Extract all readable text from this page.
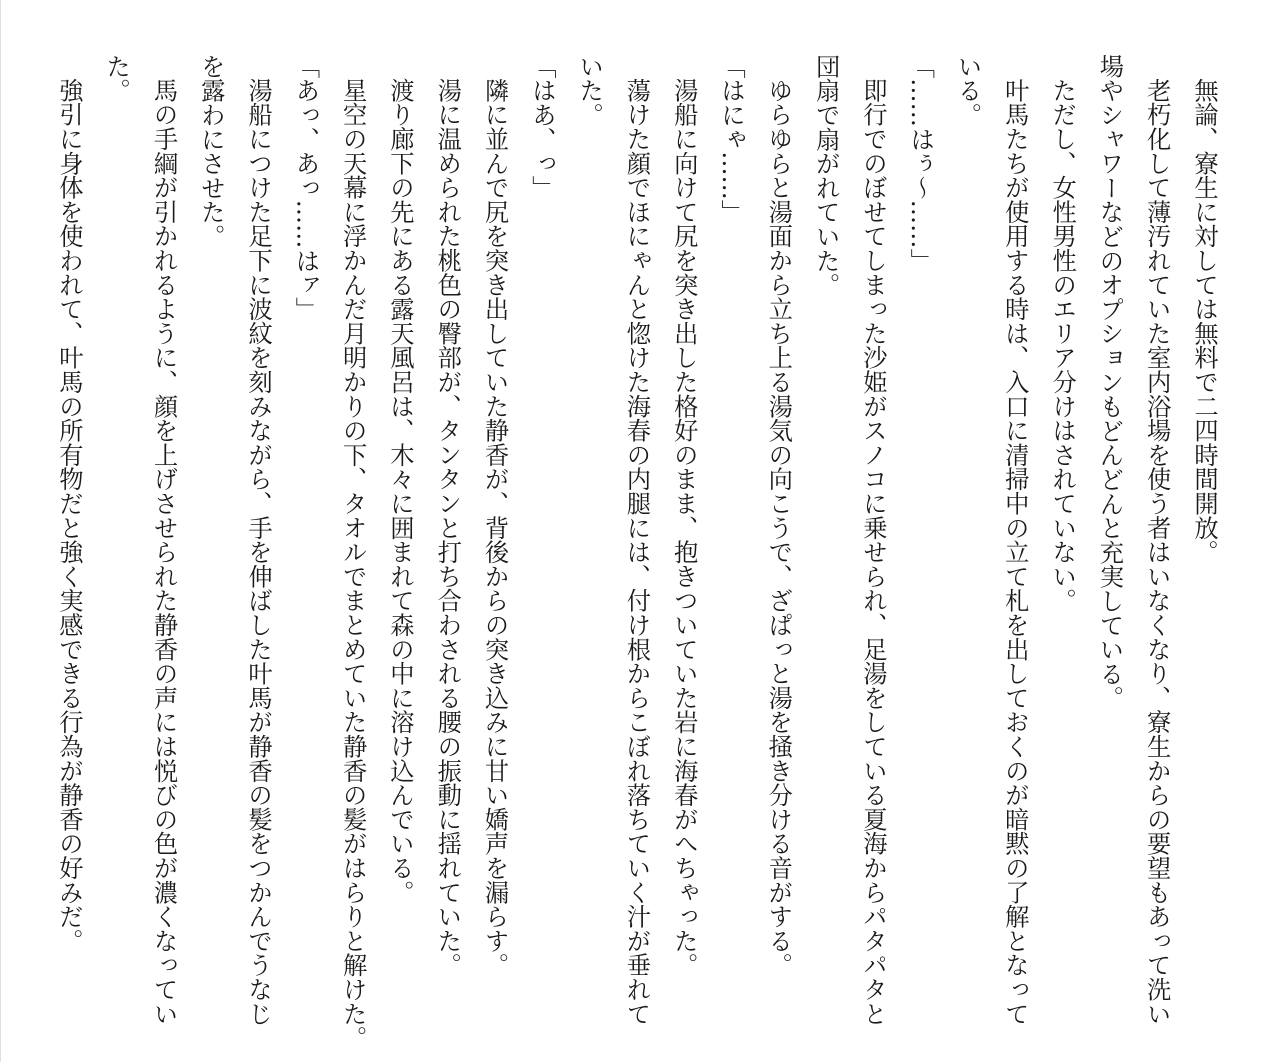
無論、寮生に対しては無料で二四時間開放。
老朽化して薄汚れていた室内浴場を使う者はいなくなり、寮生からの要望もあって洗い
場やシャワーなどのオプションもどんどんと充実している。
ただし、女性男性のエリア分けはされていない。
叶馬たちが使用する時は、入口に清掃中の立て札を出しておくのが暗黙の了解となって
いる。
「……はぅ〜……」
即行でのぼせてしまった沙姫がスノコに乗せられ、足湯をしている夏海からパタパタと
団扇で扇がれていた。
ゆらゆらと湯面から立ち上る湯気の向こうで、ざぱっと湯を掻き分ける音がする。
「はにゃ……」
湯船に向けて尻を突き出した格好のまま、抱きついていた岩に海春がへちゃった。
蕩けた顔でほにゃんと惚けた海春の内腿には、付け根からこぼれ落ちていく汁が垂れて
いた。
「はあ、っ」
隣に並んで尻を突き出していた静香が、背後からの突き込みに甘い嬌声を漏らす。
湯に温められた桃色の臀部が、タンタンと打ち合わされる腰の振動に揺れていた。
渡り廊下の先にある露天風呂は、木々に囲まれて森の中に溶け込んでいる。
星空の天幕に浮かんだ月明かりの下、タオルでまとめていた静香の髪がはらりと解けた。
「あっ、あっ……はァ」
湯船につけた足下に波紋を刻みながら、手を伸ばした叶馬が静香の髪をつかんでうなじ
を露わにさせた。
馬の手綱が引かれるように、顔を上げさせられた静香の声には悦びの色が濃くなってい
た。
強引に身体を使われて、叶馬の所有物だと強く実感できる行為が静香の好みだ。
